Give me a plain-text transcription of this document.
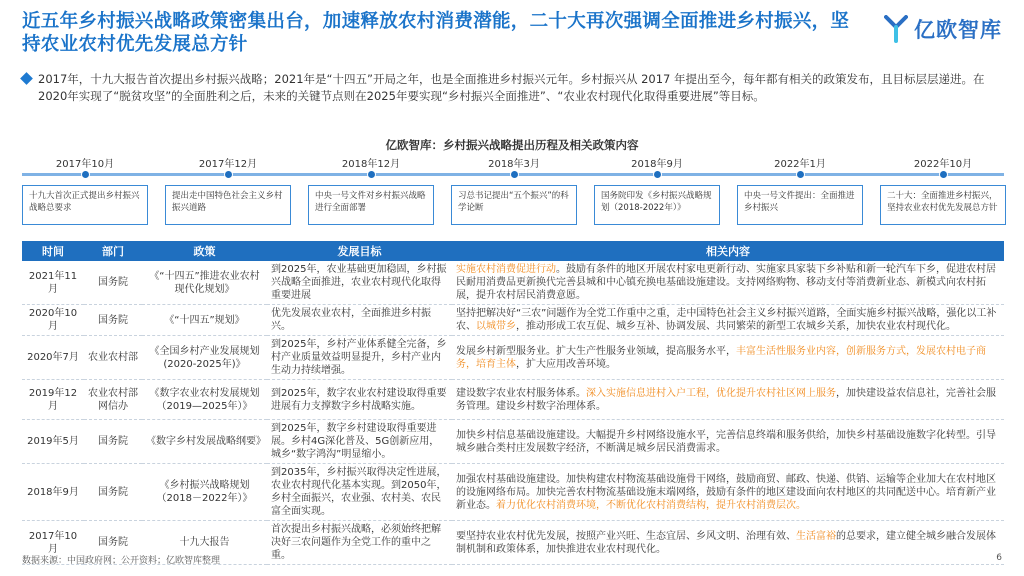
近五年乡村振兴战略政策密集出台，加速释放农村消费潜能，二十大再次强调全面推进乡村振兴，坚持农业农村优先发展总方针
亿欧智库
2017年，十九大报告首次提出乡村振兴战略；2021年是“十四五”开局之年，也是全面推进乡村振兴元年。乡村振兴从 2017 年提出至今，每年都有相关的政策发布，且目标层层递进。在2020年实现了“脱贫攻坚”的全面胜利之后，未来的关键节点则在2025年要实现“乡村振兴全面推进”、“农业农村现代化取得重要进展”等目标。
亿欧智库：乡村振兴战略提出历程及相关政策内容
2017年10月
十九大首次正式提出乡村振兴战略总要求
2017年12月
提出走中国特色社会主义乡村振兴道路
2018年12月
中央一号文件对乡村振兴战略进行全面部署
2018年3月
习总书记提出“五个振兴”的科学论断
2018年9月
国务院印发《乡村振兴战略规划（2018-2022年）》
2022年1月
中央一号文件提出：全面推进乡村振兴
2022年10月
二十大：全面推进乡村振兴，坚持农业农村优先发展总方针
时间	部门	政策	发展目标	相关内容
2021年11月	国务院	《“十四五”推进农业农村现代化规划》	到2025年，农业基础更加稳固，乡村振兴战略全面推进，农业农村现代化取得重要进展	实施农村消费促进行动。鼓励有条件的地区开展农村家电更新行动、实施家具家装下乡补贴和新一轮汽车下乡，促进农村居民耐用消费品更新换代完善县城和中心镇充换电基础设施建设。支持网络购物、移动支付等消费新业态、新模式向农村拓展，提升农村居民消费意愿。
2020年10月	国务院	《“十四五”规划》	优先发展农业农村，全面推进乡村振兴。	坚持把解决好“三农”问题作为全党工作重中之重，走中国特色社会主义乡村振兴道路，全面实施乡村振兴战略，强化以工补农、以城带乡，推动形成工农互促、城乡互补、协调发展、共同繁荣的新型工农城乡关系，加快农业农村现代化。
2020年7月	农业农村部	《全国乡村产业发展规划(2020-2025年)》	到2025年，乡村产业体系健全完备，乡村产业质量效益明显提升，乡村产业内生动力持续增强。	发展乡村新型服务业。扩大生产性服务业领域，提高服务水平，丰富生活性服务业内容，创新服务方式，发展农村电子商务，培育主体，扩大应用改善环境。
2019年12月	农业农村部 网信办	《数字农业农村发展规划（2019—2025年）》	到2025年，数字农业农村建设取得重要进展有力支撑数字乡村战略实施。	建设数字农业农村服务体系。深入实施信息进村入户工程，优化提升农村社区网上服务，加快建设益农信息社，完善社会服务管理。建设乡村数字治理体系。
2019年5月	国务院	《数字乡村发展战略纲要》	到2025年，数字乡村建设取得重要进展。乡村4G深化普及、5G创新应用，城乡“数字鸿沟”明显缩小。	加快乡村信息基础设施建设。大幅提升乡村网络设施水平，完善信息终端和服务供给，加快乡村基础设施数字化转型。引导城乡融合类村庄发展数字经济，不断满足城乡居民消费需求。
2018年9月	国务院	《乡村振兴战略规划（2018－2022年）》	到2035年，乡村振兴取得决定性进展，农业农村现代化基本实现。到2050年，乡村全面振兴，农业强、农村美、农民富全面实现。	加强农村基础设施建设。加快构建农村物流基础设施骨干网络，鼓励商贸、邮政、快递、供销、运输等企业加大在农村地区的设施网络布局。加快完善农村物流基础设施末端网络，鼓励有条件的地区建设面向农村地区的共同配送中心。培育新产业新业态。着力优化农村消费环境，不断优化农村消费结构，提升农村消费层次。
2017年10月	国务院	十九大报告	首次提出乡村振兴战略，必须始终把解决好三农问题作为全党工作的重中之重。	要坚持农业农村优先发展，按照产业兴旺、生态宜居、乡风文明、治理有效、生活富裕的总要求，建立健全城乡融合发展体制机制和政策体系，加快推进农业农村现代化。
数据来源：中国政府网；公开资料；亿欧智库整理	6
